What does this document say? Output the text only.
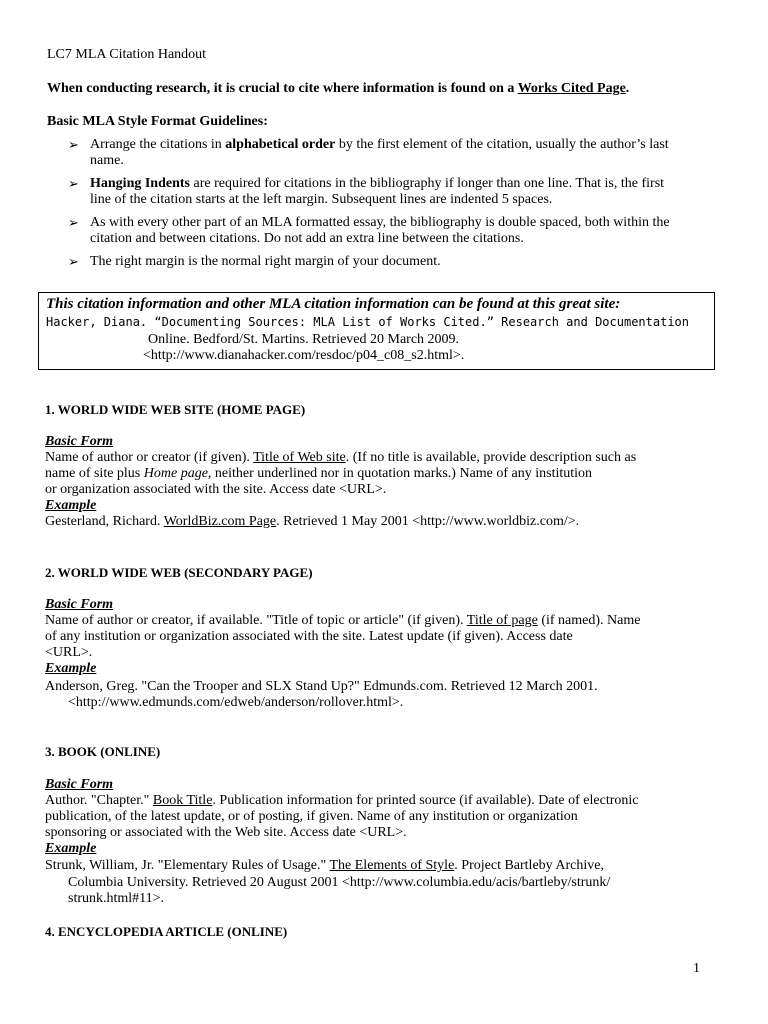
LC7 MLA Citation Handout
When conducting research, it is crucial to cite where information is found on a Works Cited Page.
Basic MLA Style Format Guidelines:
➢ Arrange the citations in alphabetical order by the first element of the citation, usually the author’s last
name.
➢ Hanging Indents are required for citations in the bibliography if longer than one line. That is, the first
line of the citation starts at the left margin. Subsequent lines are indented 5 spaces.
➢ As with every other part of an MLA formatted essay, the bibliography is double spaced, both within the
citation and between citations. Do not add an extra line between the citations.
➢ The right margin is the normal right margin of your document.
This citation information and other MLA citation information can be found at this great site:
Hacker, Diana. “Documenting Sources: MLA List of Works Cited.” Research and Documentation
Online. Bedford/St. Martins. Retrieved 20 March 2009.
<http://www.dianahacker.com/resdoc/p04_c08_s2.html>.
1. WORLD WIDE WEB SITE (HOME PAGE)
Basic Form
Name of author or creator (if given). Title of Web site. (If no title is available, provide description such as
name of site plus Home page, neither underlined nor in quotation marks.) Name of any institution
or organization associated with the site. Access date <URL>.
Example
Gesterland, Richard. WorldBiz.com Page. Retrieved 1 May 2001 <http://www.worldbiz.com/>.
2. WORLD WIDE WEB (SECONDARY PAGE)
Basic Form
Name of author or creator, if available. "Title of topic or article" (if given). Title of page (if named). Name
of any institution or organization associated with the site. Latest update (if given). Access date
<URL>.
Example
Anderson, Greg. "Can the Trooper and SLX Stand Up?" Edmunds.com. Retrieved 12 March 2001.
<http://www.edmunds.com/edweb/anderson/rollover.html>.
3. BOOK (ONLINE)
Basic Form
Author. "Chapter." Book Title. Publication information for printed source (if available). Date of electronic
publication, of the latest update, or of posting, if given. Name of any institution or organization
sponsoring or associated with the Web site. Access date <URL>.
Example
Strunk, William, Jr. "Elementary Rules of Usage." The Elements of Style. Project Bartleby Archive,
Columbia University. Retrieved 20 August 2001 <http://www.columbia.edu/acis/bartleby/strunk/
strunk.html#11>.
4. ENCYCLOPEDIA ARTICLE (ONLINE)
1
